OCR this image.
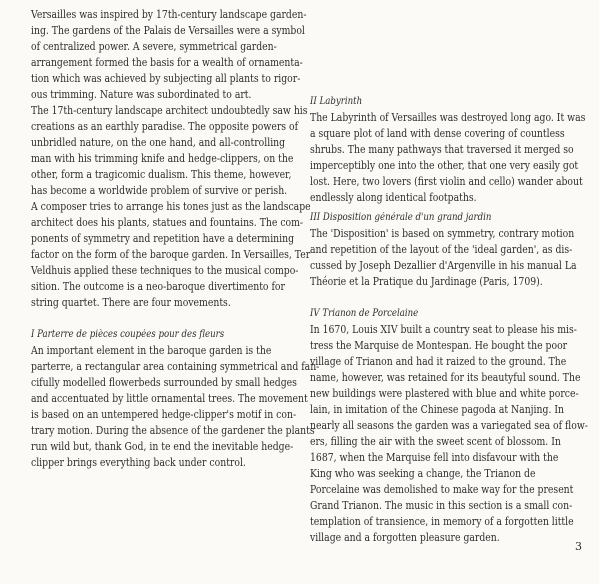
Versailles was inspired by 17th-century landscape garden-
ing. The gardens of the Palais de Versailles were a symbol
of centralized power. A severe, symmetrical garden-
arrangement formed the basis for a wealth of ornamenta-
tion which was achieved by subjecting all plants to rigor-
ous trimming. Nature was subordinated to art.
The 17th-century landscape architect undoubtedly saw his
creations as an earthly paradise. The opposite powers of
unbridled nature, on the one hand, and all-controlling
man with his trimming knife and hedge-clippers, on the
other, form a tragicomic dualism. This theme, however,
has become a worldwide problem of survive or perish.
A composer tries to arrange his tones just as the landscape
architect does his plants, statues and fountains. The com-
ponents of symmetry and repetition have a determining
factor on the form of the baroque garden. In Versailles, Ter
Veldhuis applied these techniques to the musical compo-
sition. The outcome is a neo-baroque divertimento for
string quartet. There are four movements.
I Parterre de pièces coupées pour des fleurs
An important element in the baroque garden is the
parterre, a rectangular area containing symmetrical and fan-
cifully modelled flowerbeds surrounded by small hedges
and accentuated by little ornamental trees. The movement
is based on an untempered hedge-clipper's motif in con-
trary motion. During the absence of the gardener the plants
run wild but, thank God, in te end the inevitable hedge-
clipper brings everything back under control.
II Labyrinth
The Labyrinth of Versailles was destroyed long ago. It was
a square plot of land with dense covering of countless
shrubs. The many pathways that traversed it merged so
imperceptibly one into the other, that one very easily got
lost. Here, two lovers (first violin and cello) wander about
endlessly along identical footpaths.
III Disposition générale d'un grand jardin
The 'Disposition' is based on symmetry, contrary motion
and repetition of the layout of the 'ideal garden', as dis-
cussed by Joseph Dezallier d'Argenville in his manual La
Théorie et la Pratique du Jardinage (Paris, 1709).
IV Trianon de Porcelaine
In 1670, Louis XIV built a country seat to please his mis-
tress the Marquise de Montespan. He bought the poor
village of Trianon and had it raized to the ground. The
name, however, was retained for its beautyful sound. The
new buildings were plastered with blue and white porce-
lain, in imitation of the Chinese pagoda at Nanjing. In
nearly all seasons the garden was a variegated sea of flow-
ers, filling the air with the sweet scent of blossom. In
1687, when the Marquise fell into disfavour with the
King who was seeking a change, the Trianon de
Porcelaine was demolished to make way for the present
Grand Trianon. The music in this section is a small con-
templation of transience, in memory of a forgotten little
village and a forgotten pleasure garden.
3
